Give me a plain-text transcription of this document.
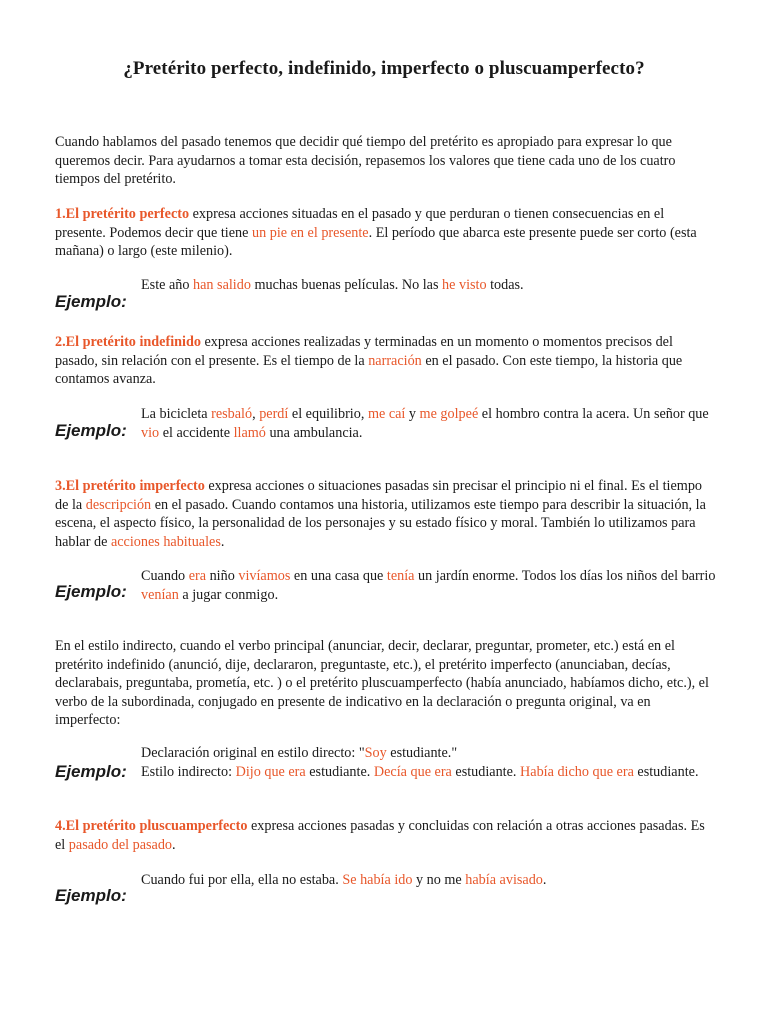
¿Pretérito perfecto, indefinido, imperfecto o pluscuamperfecto?
Cuando hablamos del pasado tenemos que decidir qué tiempo del pretérito es apropiado para expresar lo que queremos decir. Para ayudarnos a tomar esta decisión, repasemos los valores que tiene cada uno de los cuatro tiempos del pretérito.
1.El pretérito perfecto expresa acciones situadas en el pasado y que perduran o tienen consecuencias en el presente. Podemos decir que tiene un pie en el presente. El período que abarca este presente puede ser corto (esta mañana) o largo (este milenio).
Ejemplo:
Este año han salido muchas buenas películas. No las he visto todas.
2.El pretérito indefinido expresa acciones realizadas y terminadas en un momento o momentos precisos del pasado, sin relación con el presente. Es el tiempo de la narración en el pasado. Con este tiempo, la historia que contamos avanza.
Ejemplo:
La bicicleta resbaló, perdí el equilibrio, me caí y me golpeé el hombro contra la acera. Un señor que vio el accidente llamó una ambulancia.
3.El pretérito imperfecto expresa acciones o situaciones pasadas sin precisar el principio ni el final. Es el tiempo de la descripción en el pasado. Cuando contamos una historia, utilizamos este tiempo para describir la situación, la escena, el aspecto físico, la personalidad de los personajes y su estado físico y moral. También lo utilizamos para hablar de acciones habituales.
Ejemplo:
Cuando era niño vivíamos en una casa que tenía un jardín enorme. Todos los días los niños del barrio venían a jugar conmigo.
En el estilo indirecto, cuando el verbo principal (anunciar, decir, declarar, preguntar, prometer, etc.) está en el pretérito indefinido (anunció, dije, declararon, preguntaste, etc.), el pretérito imperfecto (anunciaban, decías, declarabais, preguntaba, prometía, etc. ) o el pretérito pluscuamperfecto (había anunciado, habíamos dicho, etc.), el verbo de la subordinada, conjugado en presente de indicativo en la declaración o pregunta original, va en imperfecto:
Ejemplo:
Declaración original en estilo directo: "Soy estudiante."
Estilo indirecto: Dijo que era estudiante. Decía que era estudiante. Había dicho que era estudiante.
4.El pretérito pluscuamperfecto expresa acciones pasadas y concluidas con relación a otras acciones pasadas. Es el pasado del pasado.
Ejemplo:
Cuando fui por ella, ella no estaba. Se había ido y no me había avisado.
